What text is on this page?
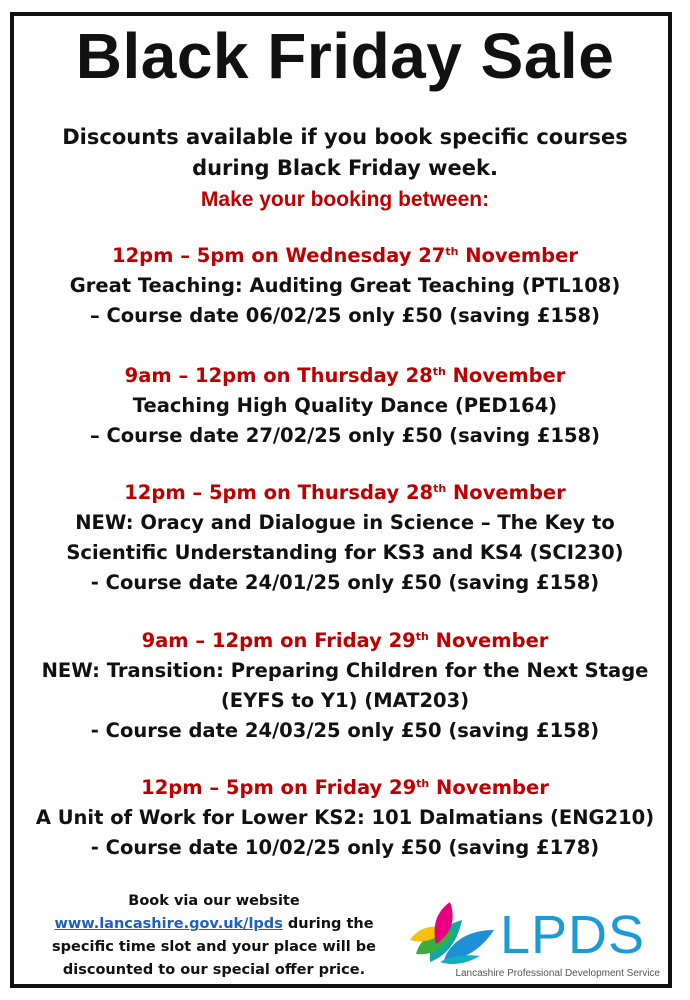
Black Friday Sale
Discounts available if you book specific courses
during Black Friday week.
Make your booking between:
12pm – 5pm on Wednesday 27th November
Great Teaching: Auditing Great Teaching (PTL108)
– Course date 06/02/25 only £50 (saving £158)
9am – 12pm on Thursday 28th November
Teaching High Quality Dance (PED164)
– Course date 27/02/25 only £50 (saving £158)
12pm – 5pm on Thursday 28th November
NEW: Oracy and Dialogue in Science – The Key to
Scientific Understanding for KS3 and KS4 (SCI230)
- Course date 24/01/25 only £50 (saving £158)
9am – 12pm on Friday 29th November
NEW: Transition: Preparing Children for the Next Stage
(EYFS to Y1) (MAT203)
- Course date 24/03/25 only £50 (saving £158)
12pm – 5pm on Friday 29th November
A Unit of Work for Lower KS2: 101 Dalmatians (ENG210)
- Course date 10/02/25 only £50 (saving £178)
Book via our website
www.lancashire.gov.uk/lpds during the
specific time slot and your place will be
discounted to our special offer price.
LPDS
Lancashire Professional Development Service
